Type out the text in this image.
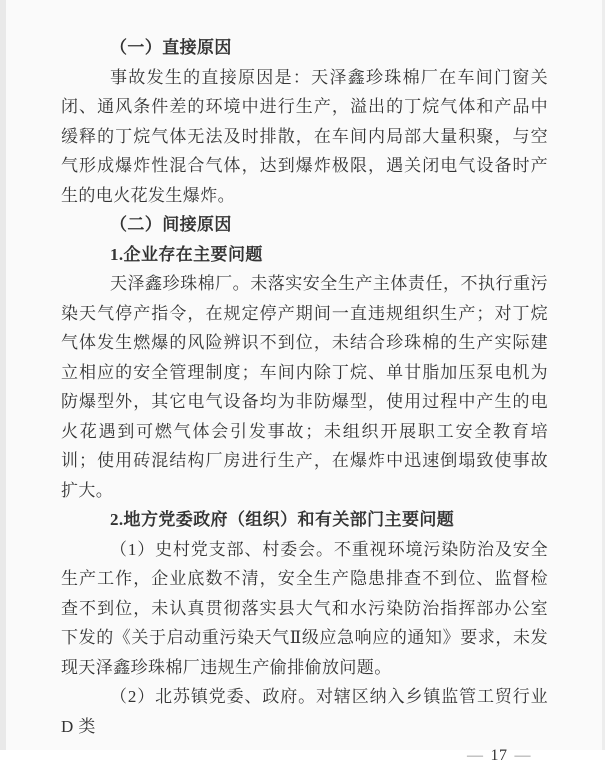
（一）直接原因

事故发生的直接原因是：天泽鑫珍珠棉厂在车间门窗关闭、通风条件差的环境中进行生产，溢出的丁烷气体和产品中缓释的丁烷气体无法及时排散，在车间内局部大量积聚，与空气形成爆炸性混合气体，达到爆炸极限，遇关闭电气设备时产生的电火花发生爆炸。

（二）间接原因
1.企业存在主要问题

天泽鑫珍珠棉厂。未落实安全生产主体责任，不执行重污染天气停产指令，在规定停产期间一直违规组织生产；对丁烷气体发生燃爆的风险辨识不到位，未结合珍珠棉的生产实际建立相应的安全管理制度；车间内除丁烷、单甘脂加压泵电机为防爆型外，其它电气设备均为非防爆型，使用过程中产生的电火花遇到可燃气体会引发事故；未组织开展职工安全教育培训；使用砖混结构厂房进行生产，在爆炸中迅速倒塌致使事故扩大。

2.地方党委政府（组织）和有关部门主要问题

（1）史村党支部、村委会。不重视环境污染防治及安全生产工作，企业底数不清，安全生产隐患排查不到位、监督检查不到位，未认真贯彻落实县大气和水污染防治指挥部办公室下发的《关于启动重污染天气Ⅱ级应急响应的通知》要求，未发现天泽鑫珍珠棉厂违规生产偷排偷放问题。

（2）北苏镇党委、政府。对辖区纳入乡镇监管工贸行业 D 类

— 17 —
